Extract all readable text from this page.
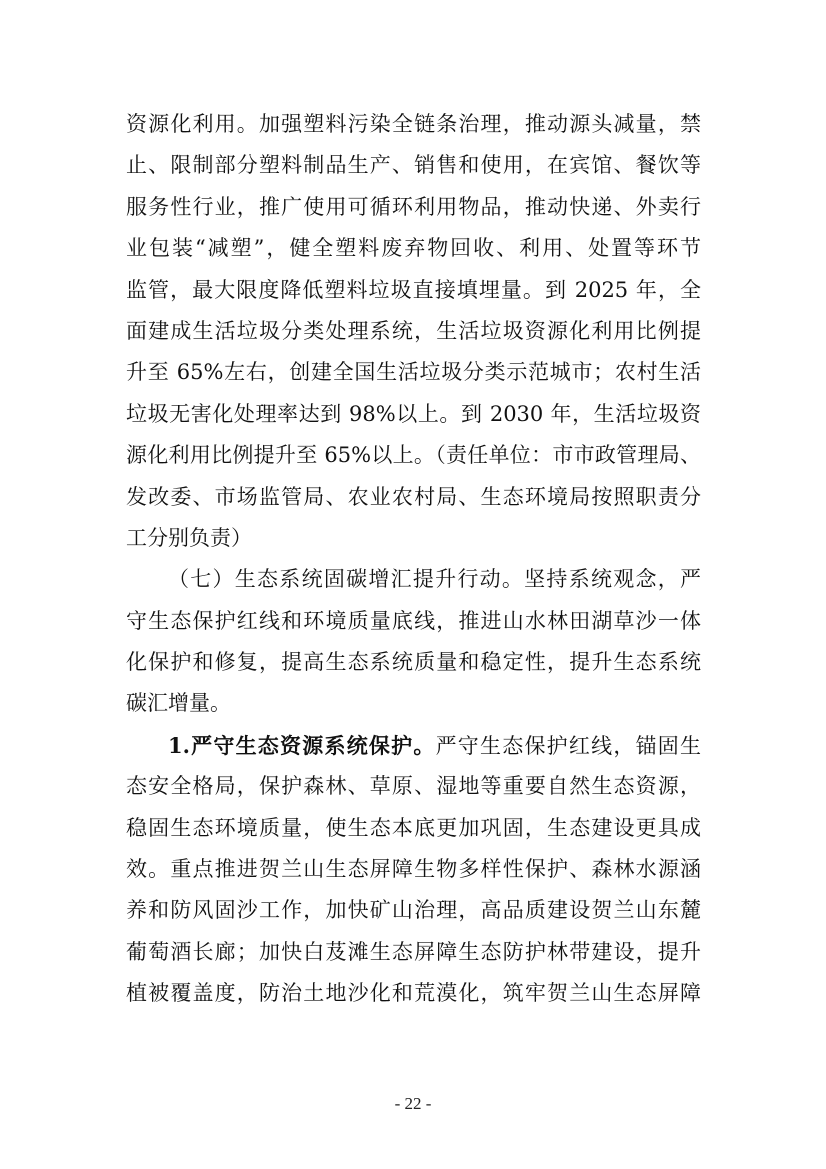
资源化利用。加强塑料污染全链条治理，推动源头减量，禁
止、限制部分塑料制品生产、销售和使用，在宾馆、餐饮等
服务性行业，推广使用可循环利用物品，推动快递、外卖行
业包装“减塑”，健全塑料废弃物回收、利用、处置等环节
监管，最大限度降低塑料垃圾直接填埋量。到 2025 年，全
面建成生活垃圾分类处理系统，生活垃圾资源化利用比例提
升至 65%左右，创建全国生活垃圾分类示范城市；农村生活
垃圾无害化处理率达到 98%以上。到 2030 年，生活垃圾资
源化利用比例提升至 65%以上。（责任单位：市市政管理局、
发改委、市场监管局、农业农村局、生态环境局按照职责分
工分别负责）
（七）生态系统固碳增汇提升行动。坚持系统观念，严
守生态保护红线和环境质量底线，推进山水林田湖草沙一体
化保护和修复，提高生态系统质量和稳定性，提升生态系统
碳汇增量。
1.严守生态资源系统保护。严守生态保护红线，锚固生
态安全格局，保护森林、草原、湿地等重要自然生态资源，
稳固生态环境质量，使生态本底更加巩固，生态建设更具成
效。重点推进贺兰山生态屏障生物多样性保护、森林水源涵
养和防风固沙工作，加快矿山治理，高品质建设贺兰山东麓
葡萄酒长廊；加快白芨滩生态屏障生态防护林带建设，提升
植被覆盖度，防治土地沙化和荒漠化，筑牢贺兰山生态屏障
- 22 -
